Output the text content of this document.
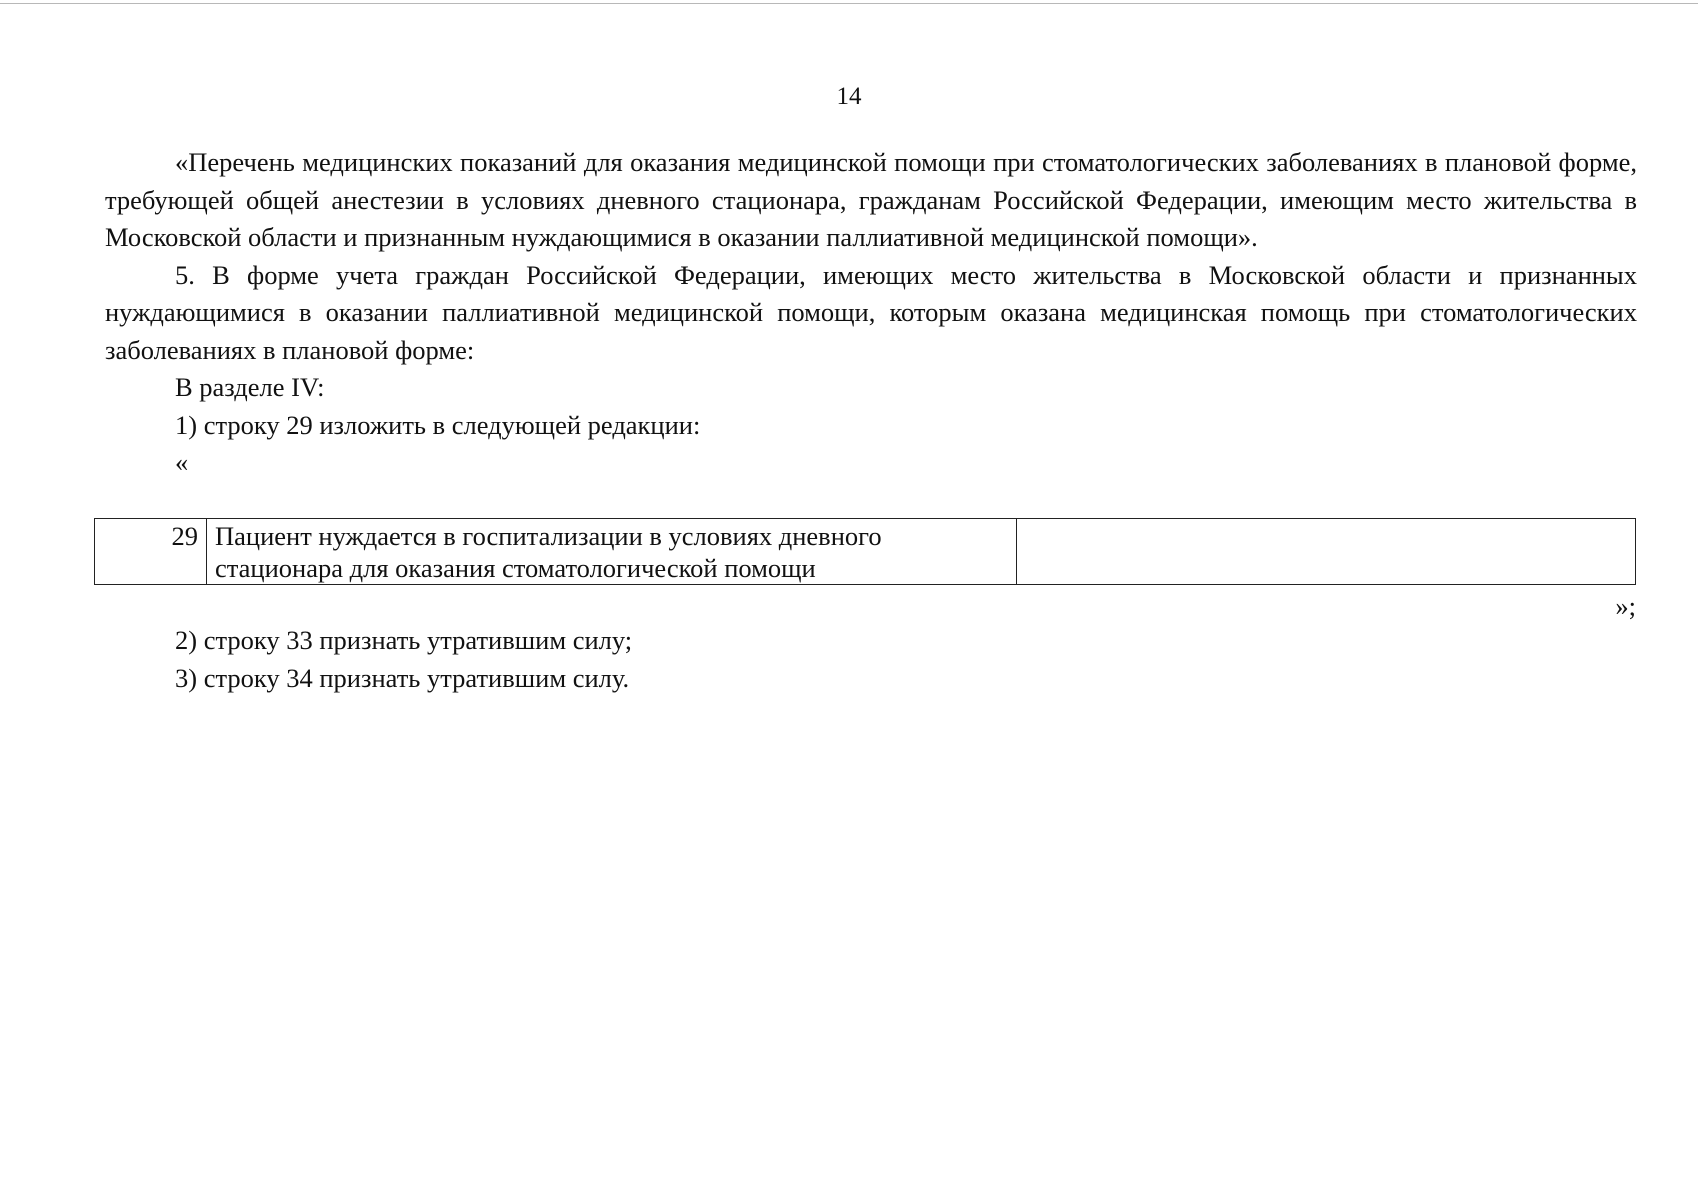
14

«Перечень медицинских показаний для оказания медицинской помощи при стоматологических заболеваниях в плановой форме, требующей общей анестезии в условиях дневного стационара, гражданам Российской Федерации, имеющим место жительства в Московской области и признанным нуждающимися в оказании паллиативной медицинской помощи».

5. В форме учета граждан Российской Федерации, имеющих место жительства в Московской области и признанных нуждающимися в оказании паллиативной медицинской помощи, которым оказана медицинская помощь при стоматологических заболеваниях в плановой форме:

В разделе IV:

1) строку 29 изложить в следующей редакции:

«

29	Пациент нуждается в госпитализации в условиях дневного стационара для оказания стоматологической помощи	
»;

2) строку 33 признать утратившим силу;

3) строку 34 признать утратившим силу.
